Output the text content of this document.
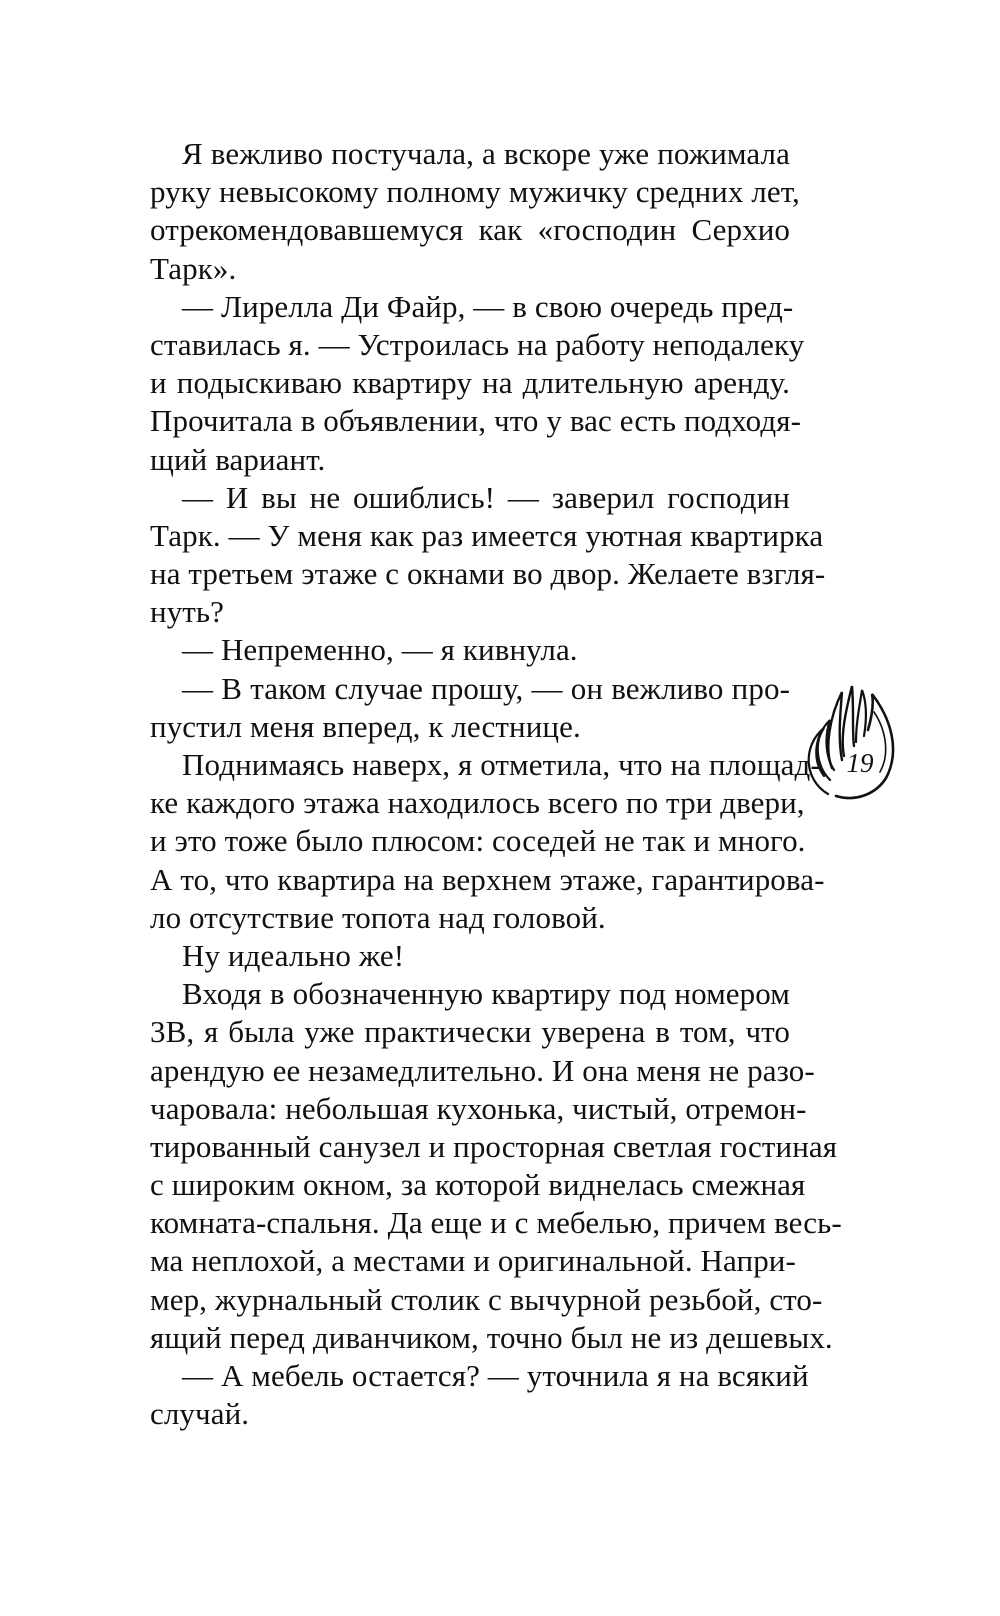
Я вежливо постучала, а вскоре уже пожимала
руку невысокому полному мужичку средних лет,
отрекомендовавшемуся как «господин Серхио
Тарк».
— Лирелла Ди Файр, — в свою очередь пред-
ставилась я. — Устроилась на работу неподалеку
и подыскиваю квартиру на длительную аренду.
Прочитала в объявлении, что у вас есть подходя-
щий вариант.
— И вы не ошиблись! — заверил господин
Тарк. — У меня как раз имеется уютная квартирка
на третьем этаже с окнами во двор. Желаете взгля-
нуть?
— Непременно, — я кивнула.
— В таком случае прошу, — он вежливо про-
пустил меня вперед, к лестнице.
Поднимаясь наверх, я отметила, что на площад-
ке каждого этажа находилось всего по три двери,
и это тоже было плюсом: соседей не так и много.
А то, что квартира на верхнем этаже, гарантирова-
ло отсутствие топота над головой.
Ну идеально же!
Входя в обозначенную квартиру под номером
3В, я была уже практически уверена в том, что
арендую ее незамедлительно. И она меня не разо-
чаровала: небольшая кухонька, чистый, отремон-
тированный санузел и просторная светлая гостиная
с широким окном, за которой виднелась смежная
комната-спальня. Да еще и с мебелью, причем весь-
ма неплохой, а местами и оригинальной. Напри-
мер, журнальный столик с вычурной резьбой, сто-
ящий перед диванчиком, точно был не из дешевых.
— А мебель остается? — уточнила я на всякий
случай.
19
